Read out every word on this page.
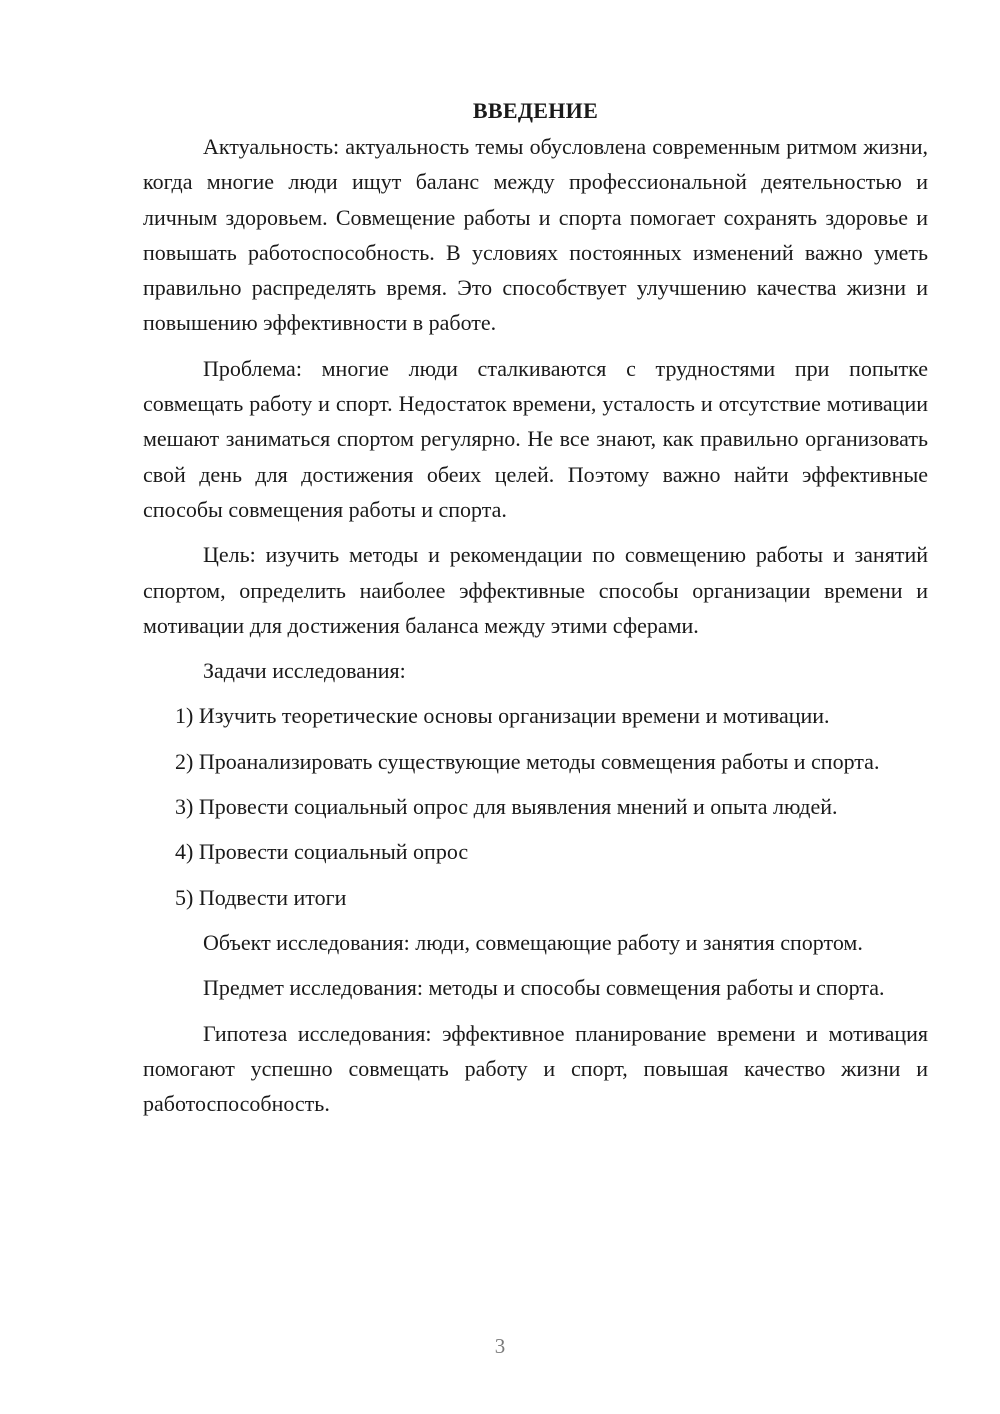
ВВЕДЕНИЕ

Актуальность: актуальность темы обусловлена современным ритмом жизни, когда многие люди ищут баланс между профессиональной деятельностью и личным здоровьем. Совмещение работы и спорта помогает сохранять здоровье и повышать работоспособность. В условиях постоянных изменений важно уметь правильно распределять время. Это способствует улучшению качества жизни и повышению эффективности в работе.

Проблема: многие люди сталкиваются с трудностями при попытке совмещать работу и спорт. Недостаток времени, усталость и отсутствие мотивации мешают заниматься спортом регулярно. Не все знают, как правильно организовать свой день для достижения обеих целей. Поэтому важно найти эффективные способы совмещения работы и спорта.

Цель: изучить методы и рекомендации по совмещению работы и занятий спортом, определить наиболее эффективные способы организации времени и мотивации для достижения баланса между этими сферами.

Задачи исследования:

1) Изучить теоретические основы организации времени и мотивации.

2) Проанализировать существующие методы совмещения работы и спорта.

3) Провести социальный опрос для выявления мнений и опыта людей.

4) Провести социальный опрос

5) Подвести итоги

Объект исследования: люди, совмещающие работу и занятия спортом.

Предмет исследования: методы и способы совмещения работы и спорта.

Гипотеза исследования: эффективное планирование времени и мотивация помогают успешно совмещать работу и спорт, повышая качество жизни и работоспособность.

3
